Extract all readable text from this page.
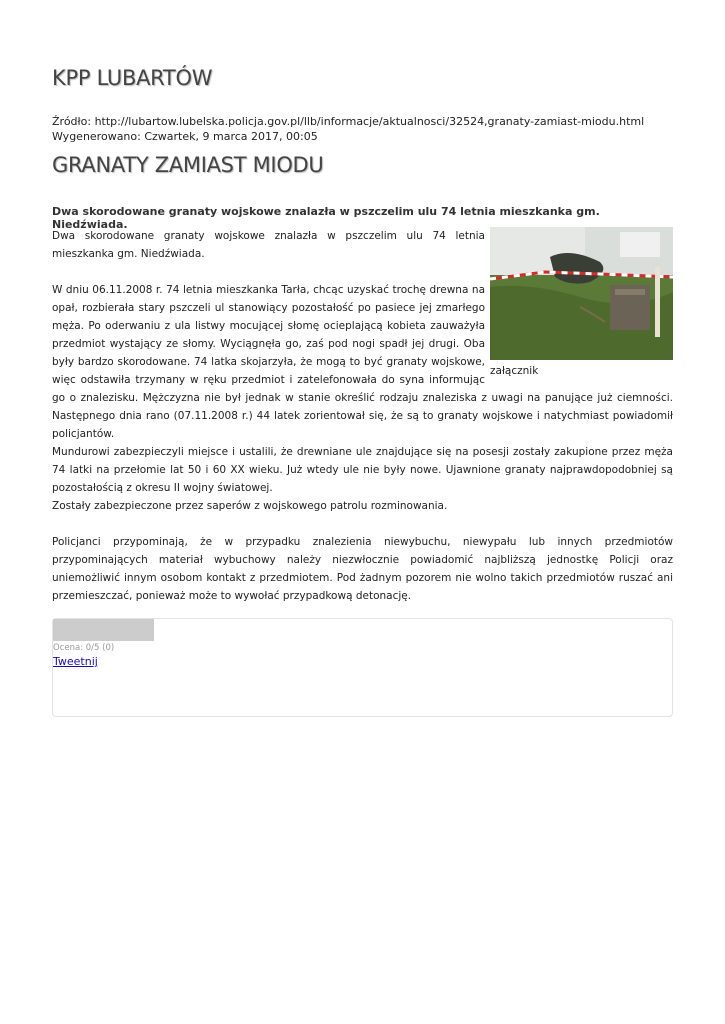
KPP LUBARTÓW
Źródło: http://lubartow.lubelska.policja.gov.pl/llb/informacje/aktualnosci/32524,granaty-zamiast-miodu.html
Wygenerowano: Czwartek, 9 marca 2017, 00:05
GRANATY ZAMIAST MIODU

Dwa skorodowane granaty wojskowe znalazła w pszczelim ulu 74 letnia mieszkanka gm. Niedźwiada.

załącznik

Dwa skorodowane granaty wojskowe znalazła w pszczelim ulu 74 letnia mieszkanka gm. Niedźwiada.

W dniu 06.11.2008 r. 74 letnia mieszkanka Tarła, chcąc uzyskać trochę drewna na opał, rozbierała stary pszczeli ul stanowiący pozostałość po pasiece jej zmarłego męża. Po oderwaniu z ula listwy mocującej słomę ocieplającą kobieta zauważyła przedmiot wystający ze słomy. Wyciągnęła go, zaś pod nogi spadł jej drugi. Oba były bardzo skorodowane. 74 latka skojarzyła, że mogą to być granaty wojskowe, więc odstawiła trzymany w ręku przedmiot i zatelefonowała do syna informując go o znalezisku. Mężczyzna nie był jednak w stanie określić rodzaju znaleziska z uwagi na panujące już ciemności. Następnego dnia rano (07.11.2008 r.) 44 latek zorientował się, że są to granaty wojskowe i natychmiast powiadomił policjantów.

Mundurowi zabezpieczyli miejsce i ustalili, że drewniane ule znajdujące się na posesji zostały zakupione przez męża 74 latki na przełomie lat 50 i 60 XX wieku. Już wtedy ule nie były nowe. Ujawnione granaty najprawdopodobniej są pozostałością z okresu II wojny światowej.

Zostały zabezpieczone przez saperów z wojskowego patrolu rozminowania.

Policjanci przypominają, że w przypadku znalezienia niewybuchu, niewypału lub innych przedmiotów przypominających materiał wybuchowy należy niezwłocznie powiadomić najbliższą jednostkę Policji oraz uniemożliwić innym osobom kontakt z przedmiotem. Pod żadnym pozorem nie wolno takich przedmiotów ruszać ani przemieszczać, ponieważ może to wywołać przypadkową detonację.

Ocena: 0/5 (0)
Tweetnij
